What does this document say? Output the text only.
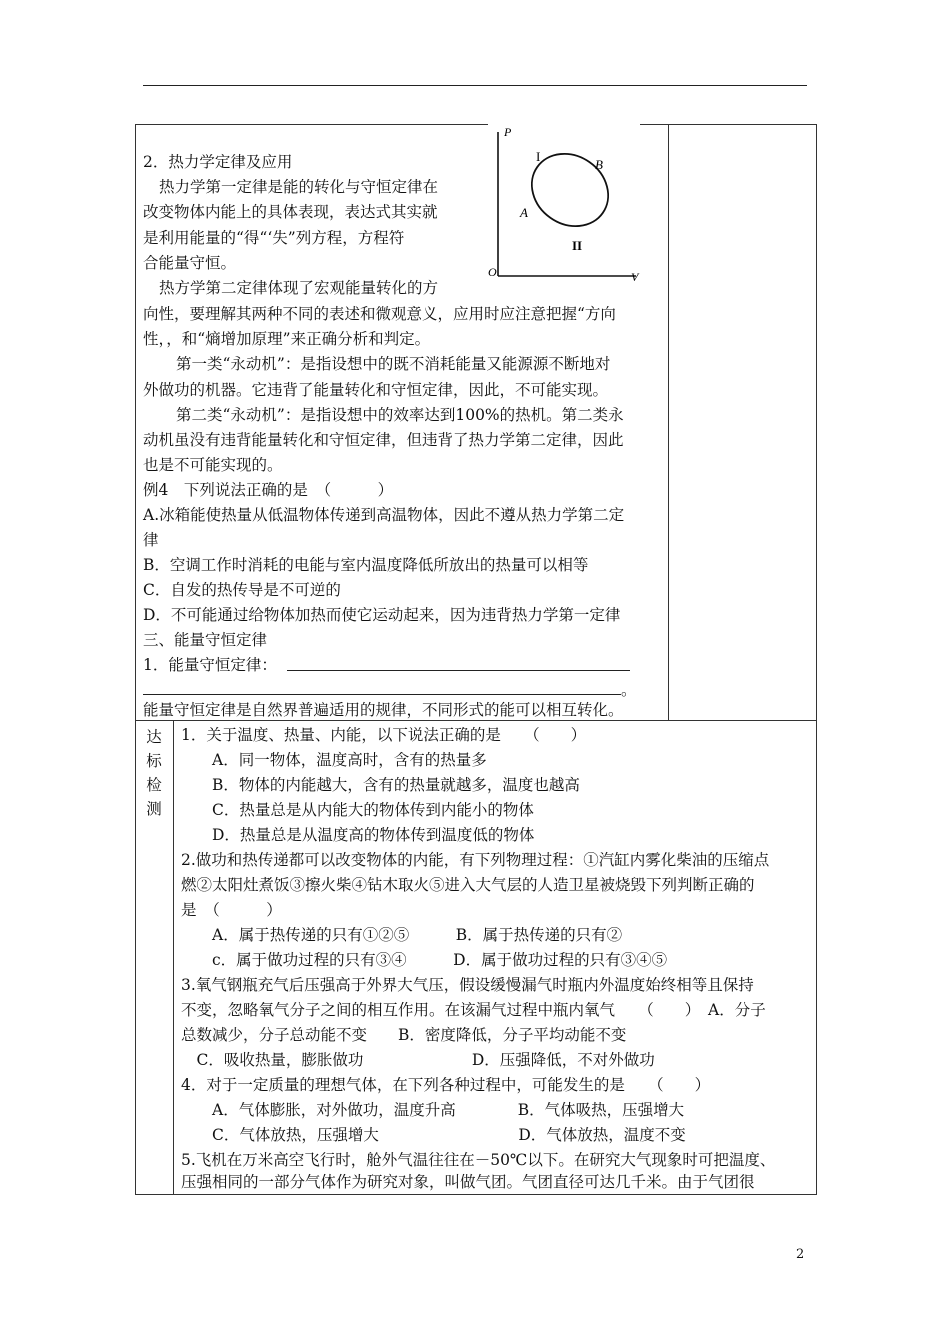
P
V
O
I
B
A
II
2．热力学定律及应用
热力学第一定律是能的转化与守恒定律在
改变物体内能上的具体表现，表达式其实就
是利用能量的“得“‘失”列方程，方程符
合能量守恒。
热方学第二定律体现了宏观能量转化的方
向性，要理解其两种不同的表述和微观意义，应用时应注意把握“方向
性，，和“熵增加原理”来正确分析和判定。
第一类“永动机”：是指设想中的既不消耗能量又能源源不断地对
外做功的机器。它违背了能量转化和守恒定律，因此，不可能实现。
第二类“永动机”：是指设想中的效率达到100%的热机。第二类永
动机虽没有违背能量转化和守恒定律，但违背了热力学第二定律，因此
也是不可能实现的。
例4　下列说法正确的是　（　　　）
A.冰箱能使热量从低温物体传递到高温物体，因此不遵从热力学第二定
律
B．空调工作时消耗的电能与室内温度降低所放出的热量可以相等
C．自发的热传导是不可逆的
D．不可能通过给物体加热而使它运动起来，因为违背热力学第一定律
三、能量守恒定律
1．能量守恒定律：
。
能量守恒定律是自然界普遍适用的规律，不同形式的能可以相互转化。
达
标
检
测
1．关于温度、热量、内能，以下说法正确的是　　（　　）
　　A．同一物体，温度高时，含有的热量多
　　B．物体的内能越大，含有的热量就越多，温度也越高
　　C．热量总是从内能大的物体传到内能小的物体
　　D．热量总是从温度高的物体传到温度低的物体
2.做功和热传递都可以改变物体的内能，有下列物理过程：①汽缸内雾化柴油的压缩点
燃②太阳灶煮饭③擦火柴④钻木取火⑤进入大气层的人造卫星被烧毁下列判断正确的
是　（　　　）
　　A．属于热传递的只有①②⑤　　　B．属于热传递的只有②
　　c．属于做功过程的只有③④　　　D．属于做功过程的只有③④⑤
3.氧气钢瓶充气后压强高于外界大气压，假设缓慢漏气时瓶内外温度始终相等且保持
不变，忽略氧气分子之间的相互作用。在该漏气过程中瓶内氧气　　（　　）　A．分子
总数减少，分子总动能不变　　B．密度降低，分子平均动能不变
　C．吸收热量，膨胀做功　　　　　　　D．压强降低，不对外做功
4．对于一定质量的理想气体，在下列各种过程中，可能发生的是　　（　　）
　　A．气体膨胀，对外做功，温度升高　　　　B．气体吸热，压强增大
　　C．气体放热，压强增大　　　　　　　　　D．气体放热，温度不变
5.飞机在万米高空飞行时，舱外气温往往在－50℃以下。在研究大气现象时可把温度、
压强相同的一部分气体作为研究对象，叫做气团。气团直径可达几千米。由于气团很
2
